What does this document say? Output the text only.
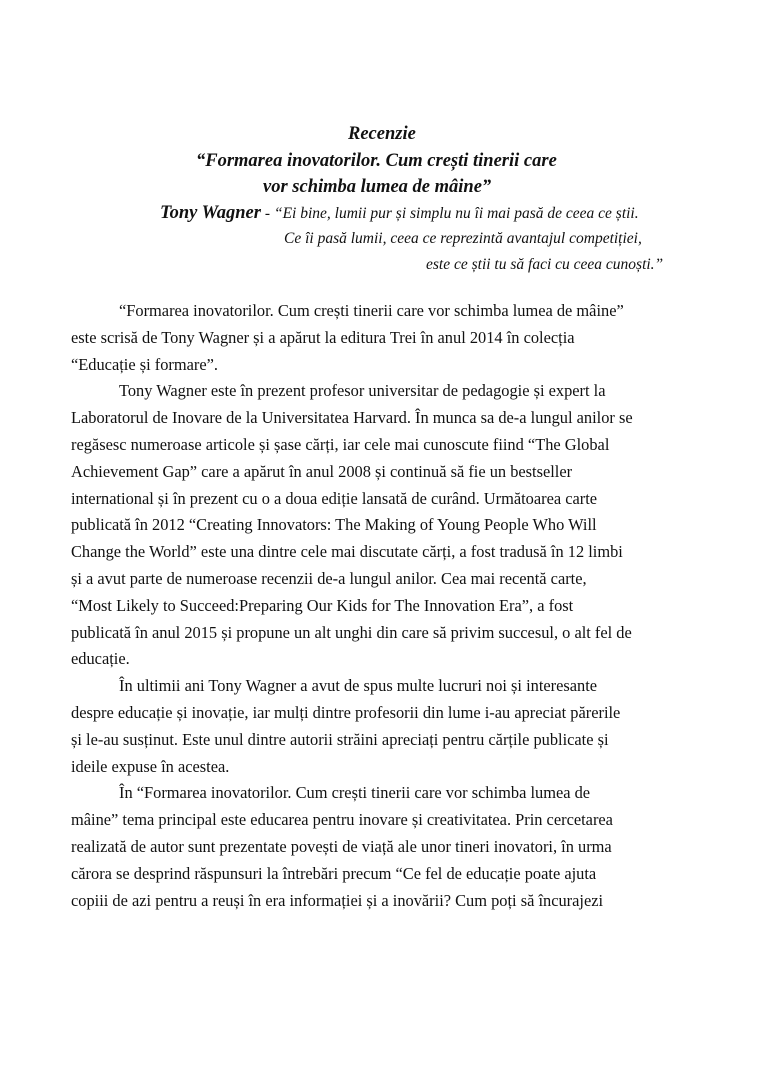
Recenzie
“Formarea inovatorilor. Cum crești tinerii care
vor schimba lumea de mâine”
Tony Wagner - “Ei bine, lumii pur și simplu nu îi mai pasă de ceea ce știi.
Ce îi pasă lumii, ceea ce reprezintă avantajul competiției,
este ce știi tu să faci cu ceea cunoști.”
“Formarea inovatorilor. Cum crești tinerii care vor schimba lumea de mâine”
este scrisă de Tony Wagner și a apărut la editura Trei în anul 2014 în colecția
“Educație și formare”.
Tony Wagner este în prezent profesor universitar de pedagogie și expert la
Laboratorul de Inovare de la Universitatea Harvard. În munca sa de-a lungul anilor se
regăsesc numeroase articole și șase cărți, iar cele mai cunoscute fiind “The Global
Achievement Gap” care a apărut în anul 2008 și continuă să fie un bestseller
international și în prezent cu o a doua ediție lansată de curând. Următoarea carte
publicată în 2012 “Creating Innovators: The Making of Young People Who Will
Change the World” este una dintre cele mai discutate cărți, a fost tradusă în 12 limbi
și a avut parte de numeroase recenzii de-a lungul anilor. Cea mai recentă carte,
“Most Likely to Succeed:Preparing Our Kids for The Innovation Era”, a fost
publicată în anul 2015 și propune un alt unghi din care să privim succesul, o alt fel de
educație.
În ultimii ani Tony Wagner a avut de spus multe lucruri noi și interesante
despre educație și inovație, iar mulți dintre profesorii din lume i-au apreciat părerile
și le-au susținut. Este unul dintre autorii străini apreciați pentru cărțile publicate și
ideile expuse în acestea.
În “Formarea inovatorilor. Cum crești tinerii care vor schimba lumea de
mâine” tema principal este educarea pentru inovare și creativitatea. Prin cercetarea
realizată de autor sunt prezentate povești de viață ale unor tineri inovatori, în urma
cărora se desprind răspunsuri la întrebări precum “Ce fel de educație poate ajuta
copiii de azi pentru a reuși în era informației și a inovării? Cum poți să încurajezi
